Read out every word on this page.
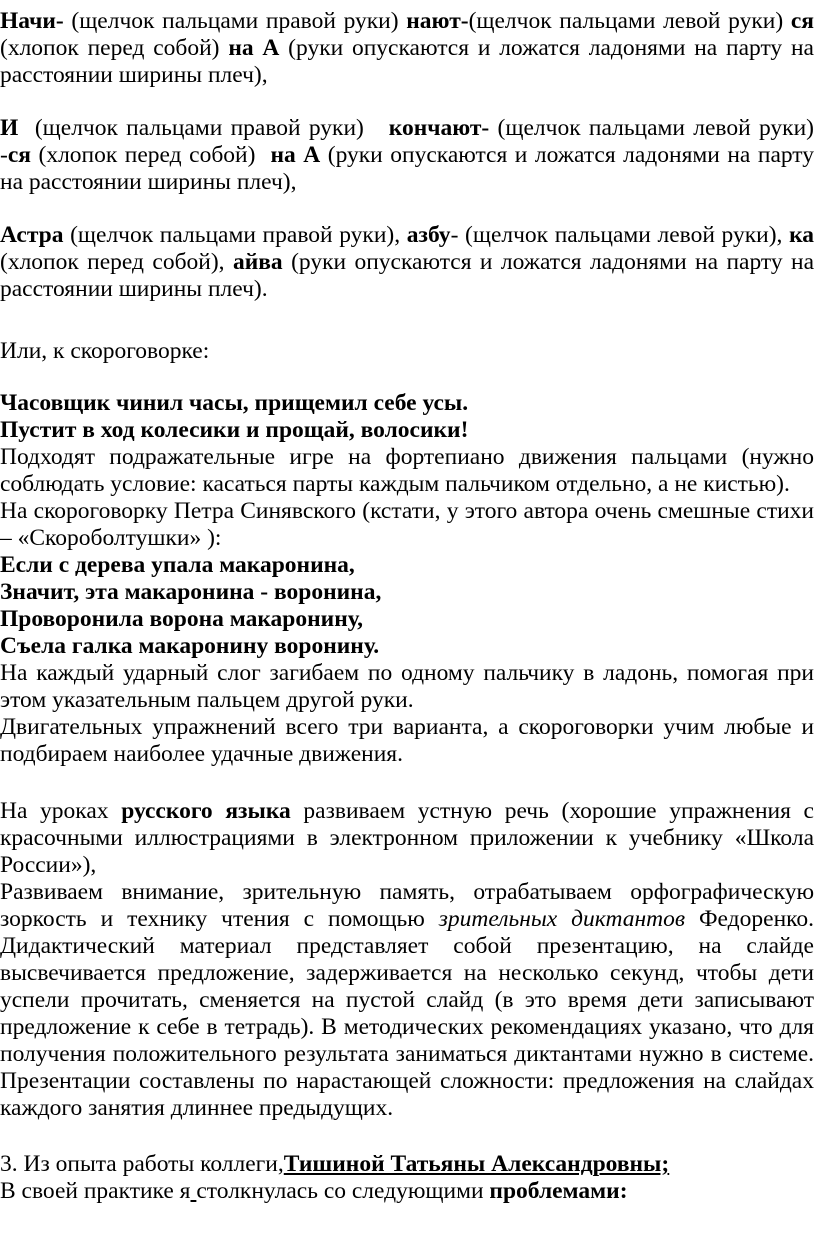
Начи- (щелчок пальцами правой руки) нают-(щелчок пальцами левой руки) ся (хлопок перед собой) на А (руки опускаются и ложатся ладонями на парту на расстоянии ширины плеч),

И  (щелчок пальцами правой руки)   кончают- (щелчок пальцами левой руки) -ся (хлопок перед собой)  на А (руки опускаются и ложатся ладонями на парту на расстоянии ширины плеч),

Астра (щелчок пальцами правой руки), азбу- (щелчок пальцами левой руки), ка (хлопок перед собой), айва (руки опускаются и ложатся ладонями на парту на расстоянии ширины плеч).

Или, к скороговорке:

Часовщик чинил часы, прищемил себе усы.
Пустит в ход колесики и прощай, волосики!

Подходят подражательные игре на фортепиано движения пальцами (нужно соблюдать условие: касаться парты каждым пальчиком отдельно, а не кистью).

На скороговорку Петра Синявского (кстати, у этого автора очень смешные стихи – «Скороболтушки» ):

Если с дерева упала макаронина,
Значит, эта макаронина - воронина,
Проворонила ворона макаронину,
Съела галка макаронину воронину.

На каждый ударный слог загибаем по одному пальчику в ладонь, помогая при этом указательным пальцем другой руки.

Двигательных упражнений всего три варианта, а скороговорки учим любые и подбираем наиболее удачные движения.

На уроках русского языка развиваем устную речь (хорошие упражнения с красочными иллюстрациями в электронном приложении к учебнику «Школа России»),

Развиваем внимание, зрительную память, отрабатываем орфографическую зоркость и технику чтения с помощью зрительных диктантов Федоренко. Дидактический материал представляет собой презентацию, на слайде высвечивается предложение, задерживается на несколько секунд, чтобы дети успели прочитать, сменяется на пустой слайд (в это время дети записывают предложение к себе в тетрадь). В методических рекомендациях указано, что для получения положительного результата заниматься диктантами нужно в системе. Презентации составлены по нарастающей сложности: предложения на слайдах каждого занятия длиннее предыдущих.

3. Из опыта работы коллеги,Тишиной Татьяны Александровны;

В своей практике я столкнулась со следующими проблемами:
